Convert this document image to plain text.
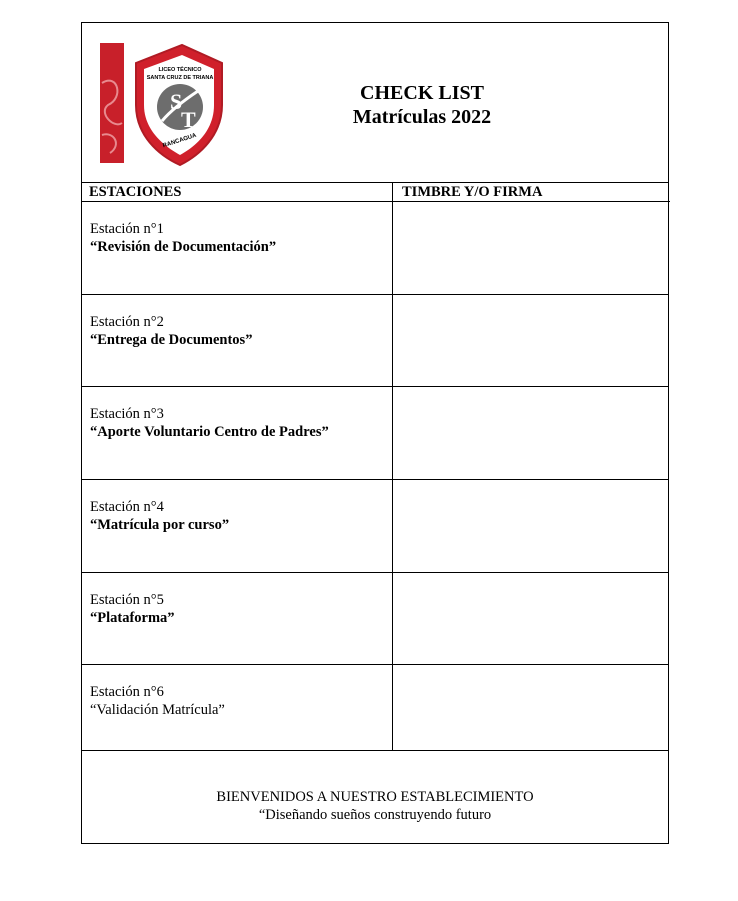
S
T
LICEO TÉCNICO
SANTA CRUZ DE TRIANA
RANCAGUA
CHECK LIST
Matrículas 2022
ESTACIONES	TIMBRE Y/O FIRMA
Estación n°1
“Revisión de Documentación”
Estación n°2
“Entrega de Documentos”
Estación n°3
“Aporte Voluntario Centro de Padres”
Estación n°4
“Matrícula por curso”
Estación n°5
“Plataforma”
Estación n°6
“Validación Matrícula”
BIENVENIDOS A NUESTRO ESTABLECIMIENTO
“Diseñando sueños construyendo futuro
